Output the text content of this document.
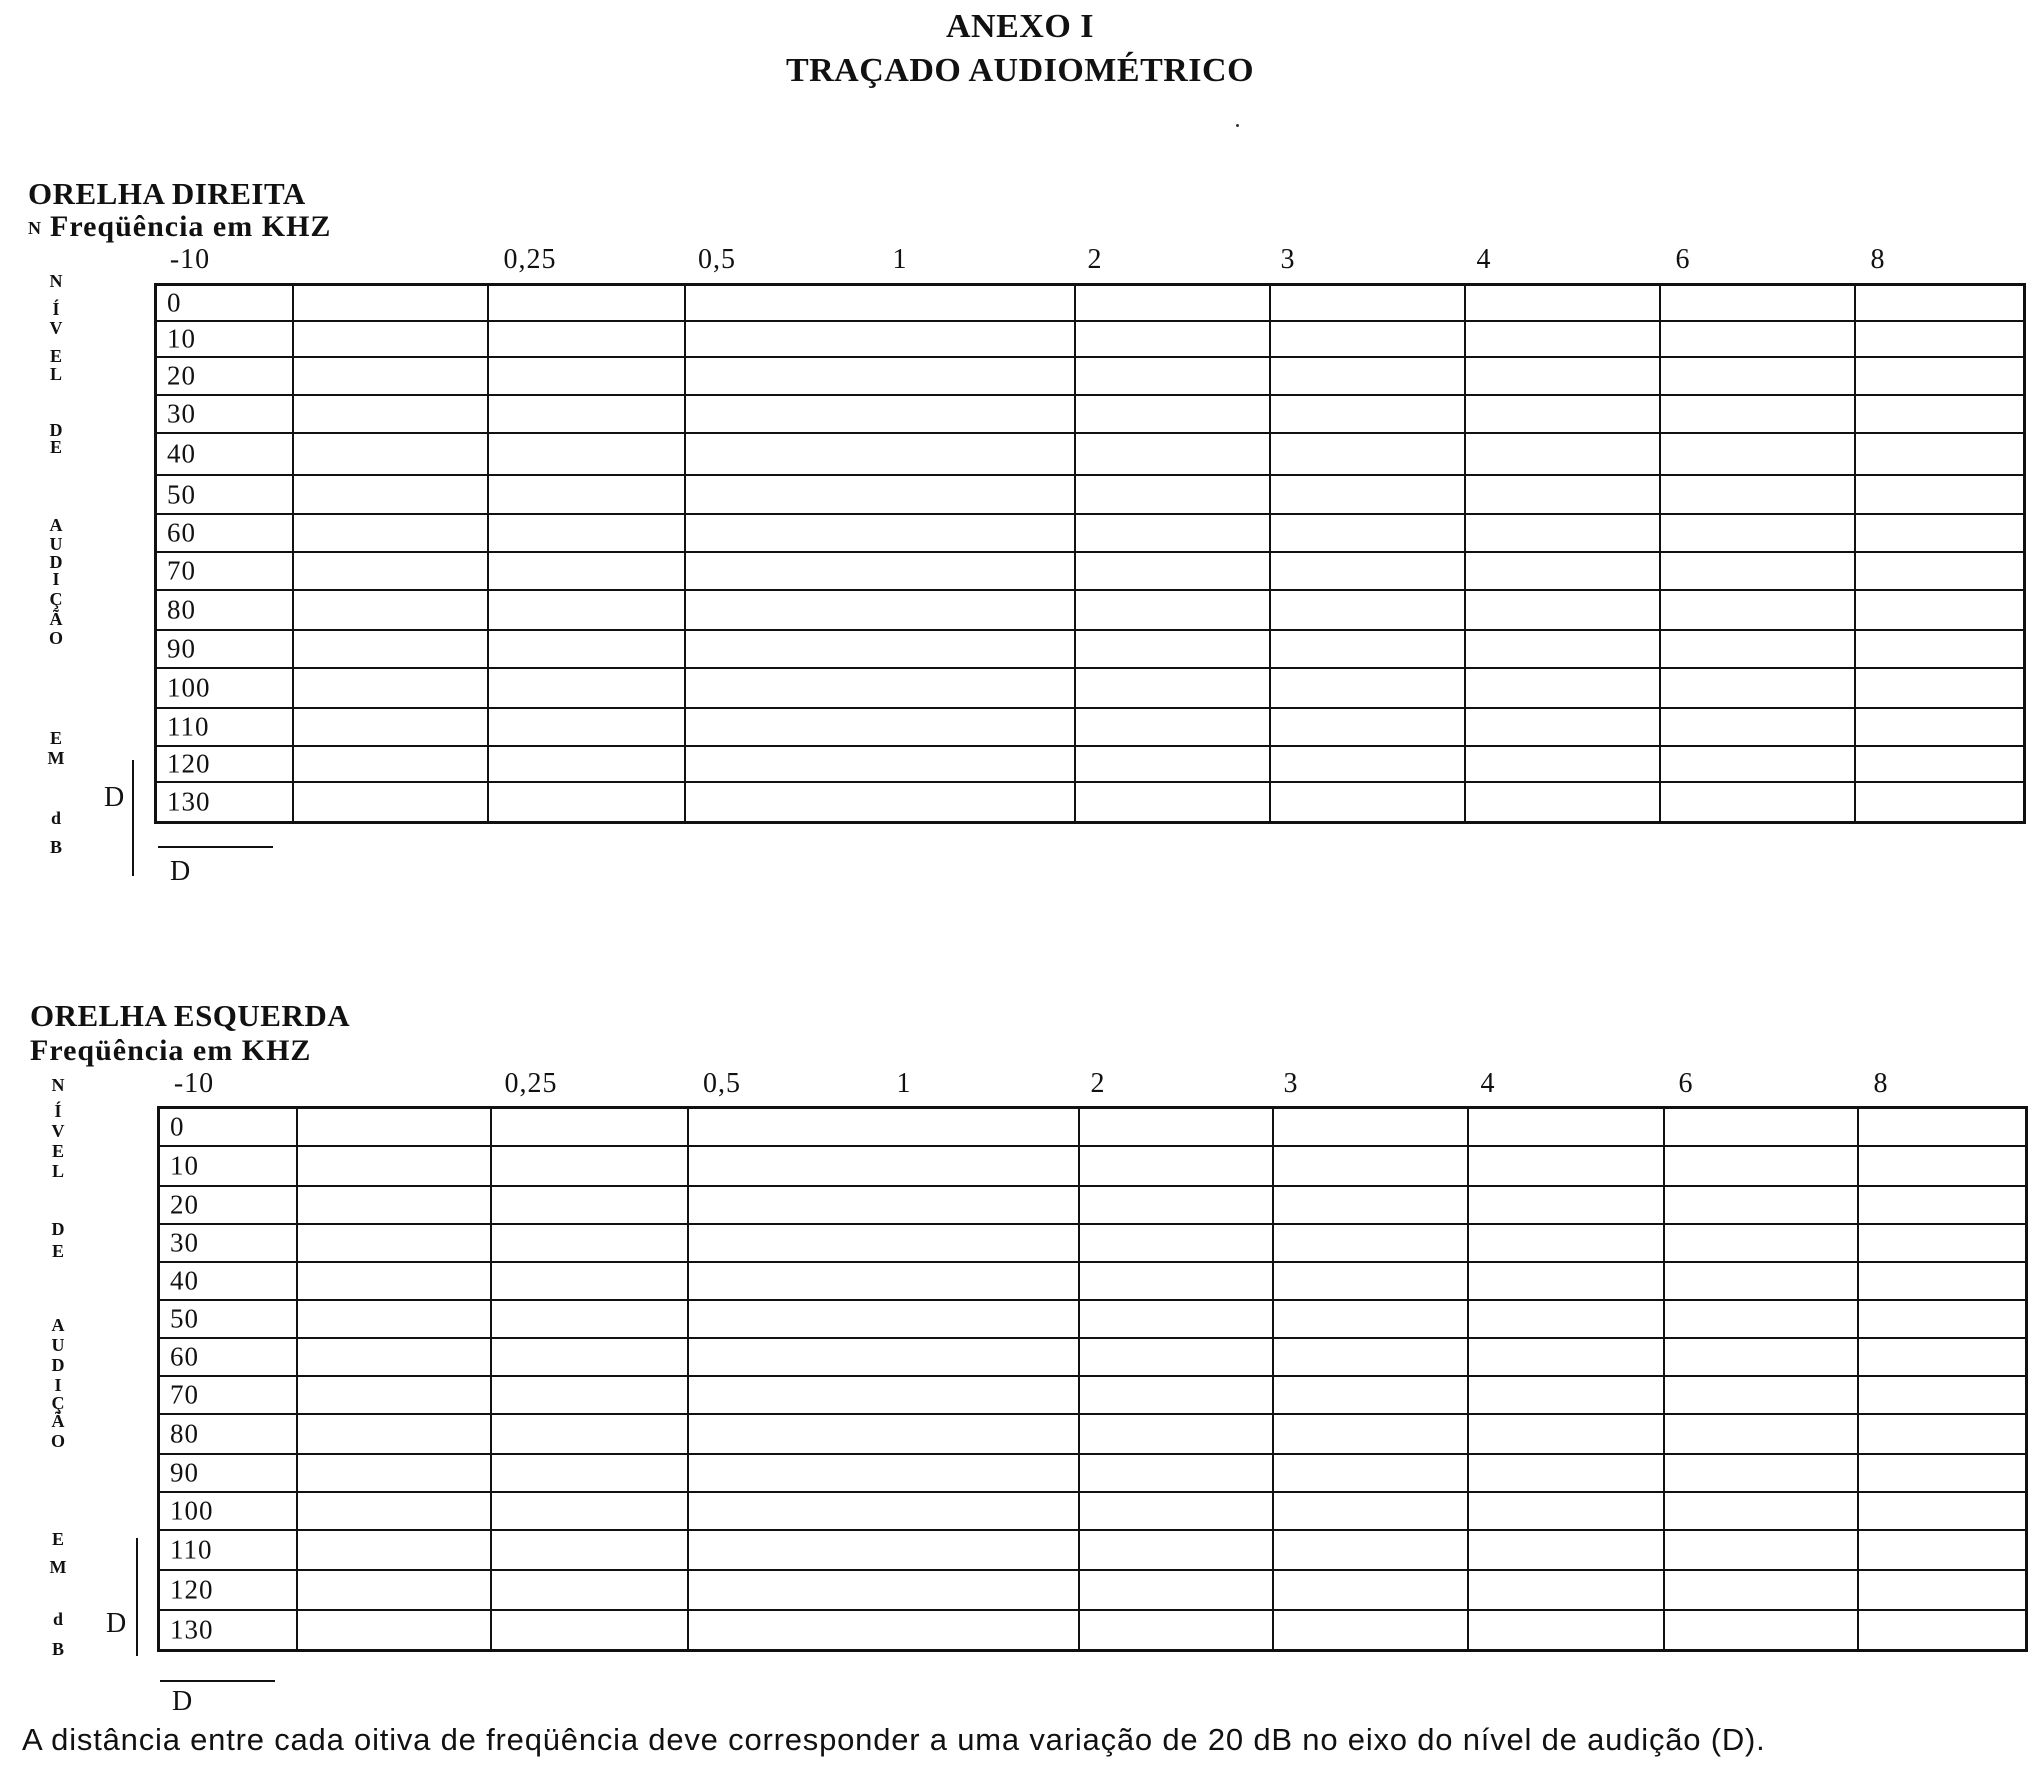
ANEXO I
TRAÇADO AUDIOMÉTRICO
ORELHA DIREITA
N Freqüência em KHZ
N
Í
V
E
L
D
E
A
U
D
I
Ç
Ã
O
E
M
d
B
-10	0,25	0,5	1	2	3	4	6	8
0
10
20
30
40
50
60
70
80
90
100
110
120
130
D
D
ORELHA ESQUERDA
Freqüência em KHZ
N
Í
V
E
L
D
E
A
U
D
I
Ç
Ã
O
E
M
d
B
-10	0,25	0,5	1	2	3	4	6	8
0
10
20
30
40
50
60
70
80
90
100
110
120
130
D
D
A distância entre cada oitiva de freqüência deve corresponder a uma variação de 20 dB no eixo do nível de audição (D).
